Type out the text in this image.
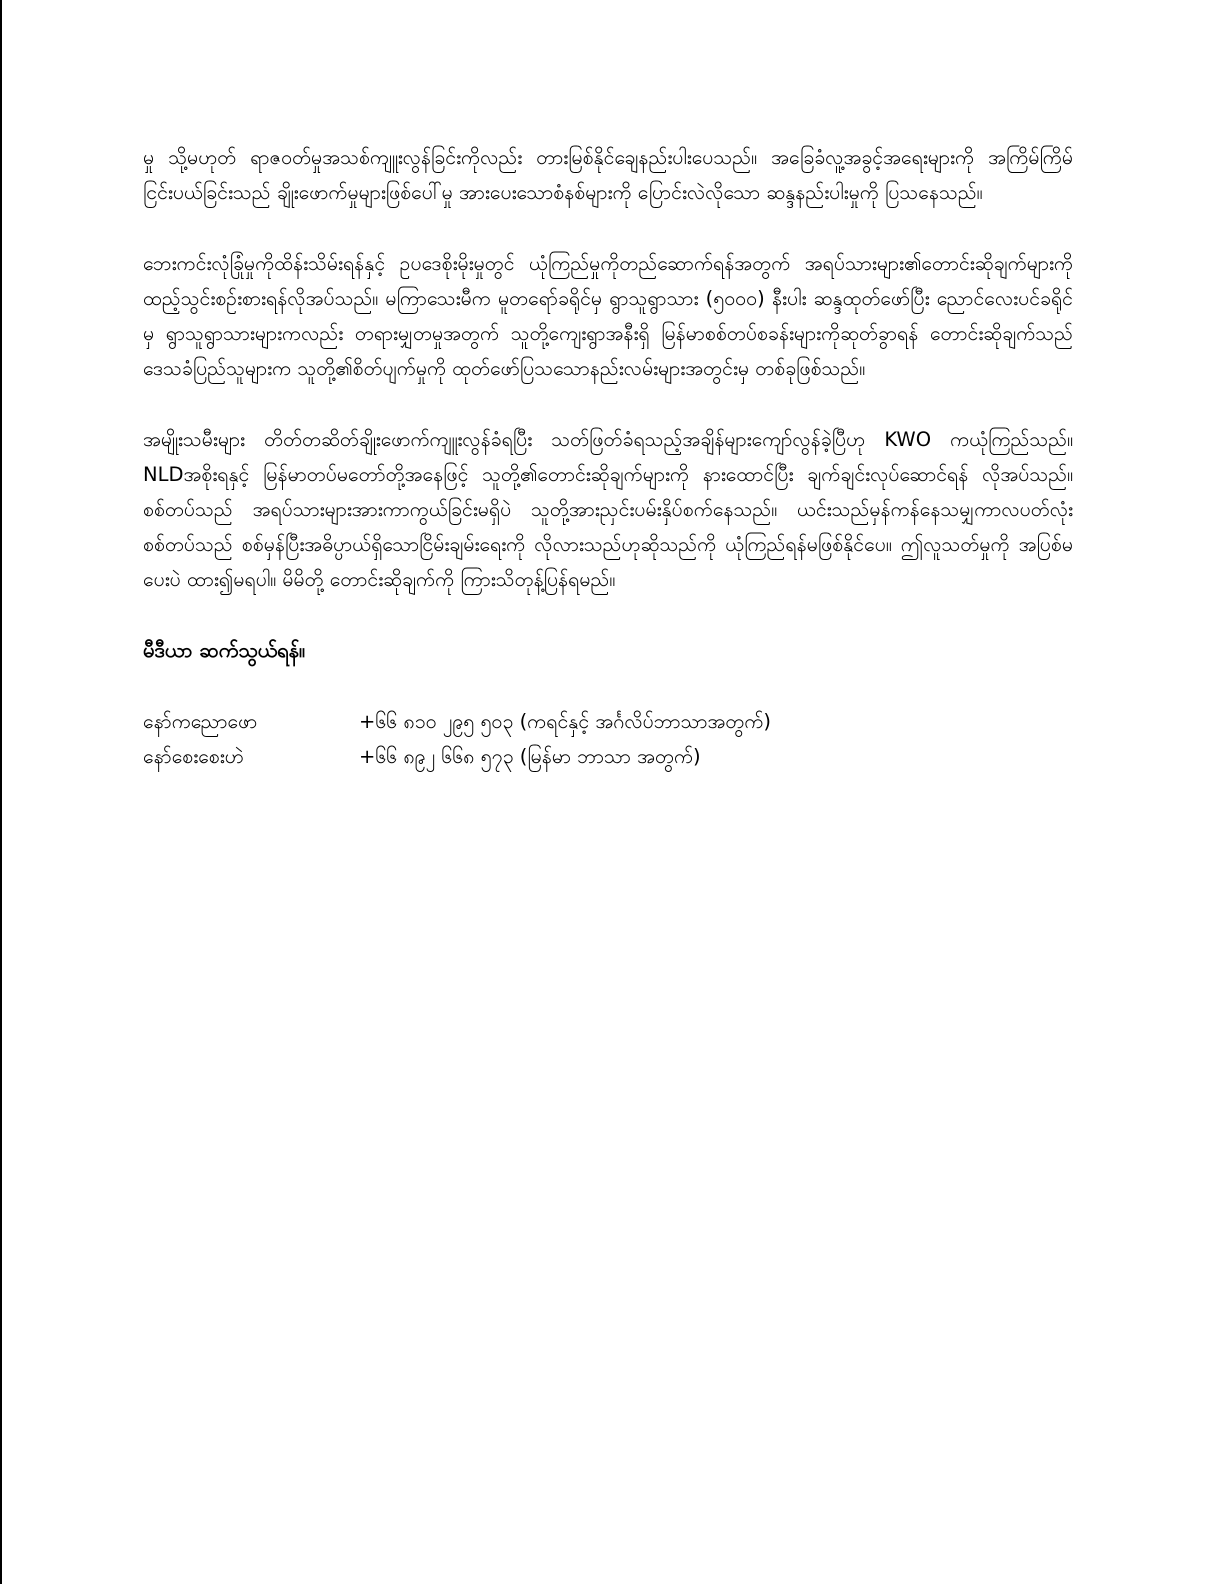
မှု သို့မဟုတ် ရာဇဝတ်မှုအသစ်ကျူးလွန်ခြင်းကိုလည်း တားမြစ်နိုင်ချေနည်းပါးပေသည်။ အခြေခံလူ့အခွင့်အရေးများကို အကြိမ်ကြိမ်ငြင်းပယ်ခြင်းသည် ချိုးဖောက်မှုများဖြစ်ပေါ်မှု အားပေးသောစံနစ်များကို ပြောင်းလဲလိုသော ဆန္ဒနည်းပါးမှုကို ပြသနေသည်။

ဘေးကင်းလုံခြုံမှုကိုထိန်းသိမ်းရန်နှင့် ဥပဒေစိုးမိုးမှုတွင် ယုံကြည်မှုကိုတည်ဆောက်ရန်အတွက် အရပ်သားများ၏တောင်းဆိုချက်များကို ထည့်သွင်းစဉ်းစားရန်လိုအပ်သည်။ မကြာသေးမီက မူတရော်ခရိုင်မှ ရွာသူရွာသား (၅၀၀၀) နီးပါး ဆန္ဒထုတ်ဖော်ပြီး ညောင်လေးပင်ခရိုင်မှ ရွာသူရွာသားများကလည်း တရားမျှတမှုအတွက် သူတို့ကျေးရွာအနီးရှိ မြန်မာစစ်တပ်စခန်းများကိုဆုတ်ခွာရန် တောင်းဆိုချက်သည် ဒေသခံပြည်သူများက သူတို့၏စိတ်ပျက်မှုကို ထုတ်ဖော်ပြသသောနည်းလမ်းများအတွင်းမှ တစ်ခုဖြစ်သည်။

အမျိုးသမီးများ တိတ်တဆိတ်ချိုးဖောက်ကျူးလွန်ခံရပြီး သတ်ဖြတ်ခံရသည့်အချိန်များကျော်လွန်ခဲ့ပြီဟု KWO ကယုံကြည်သည်။ NLDအစိုးရနှင့် မြန်မာတပ်မတော်တို့အနေဖြင့် သူတို့၏တောင်းဆိုချက်များကို နားထောင်ပြီး ချက်ချင်းလုပ်ဆောင်ရန် လိုအပ်သည်။ စစ်တပ်သည် အရပ်သားများအားကာကွယ်ခြင်းမရှိပဲ သူတို့အားညှင်းပမ်းနှိပ်စက်နေသည်။ ယင်းသည်မှန်ကန်နေသမျှကာလပတ်လုံး စစ်တပ်သည် စစ်မှန်ပြီးအဓိပ္ပာယ်ရှိသောငြိမ်းချမ်းရေးကို လိုလားသည်ဟုဆိုသည်ကို ယုံကြည်ရန်မဖြစ်နိုင်ပေ။ ဤလူသတ်မှုကို အပြစ်မပေးပဲ ထား၍မရပါ။ မိမိတို့ တောင်းဆိုချက်ကို ကြားသိတုန့်ပြန်ရမည်။

မီဒီယာ ဆက်သွယ်ရန်။
နော်ကညောဖော	+၆၆ ၈၁၀ ၂၉၅ ၅၀၃ (ကရင်နှင့် အင်္ဂလိပ်ဘာသာအတွက်)
နော်စေးစေးဟဲ	+၆၆ ၈၉၂ ၆၆၈ ၅၇၃ (မြန်မာ ဘာသာ အတွက်)
